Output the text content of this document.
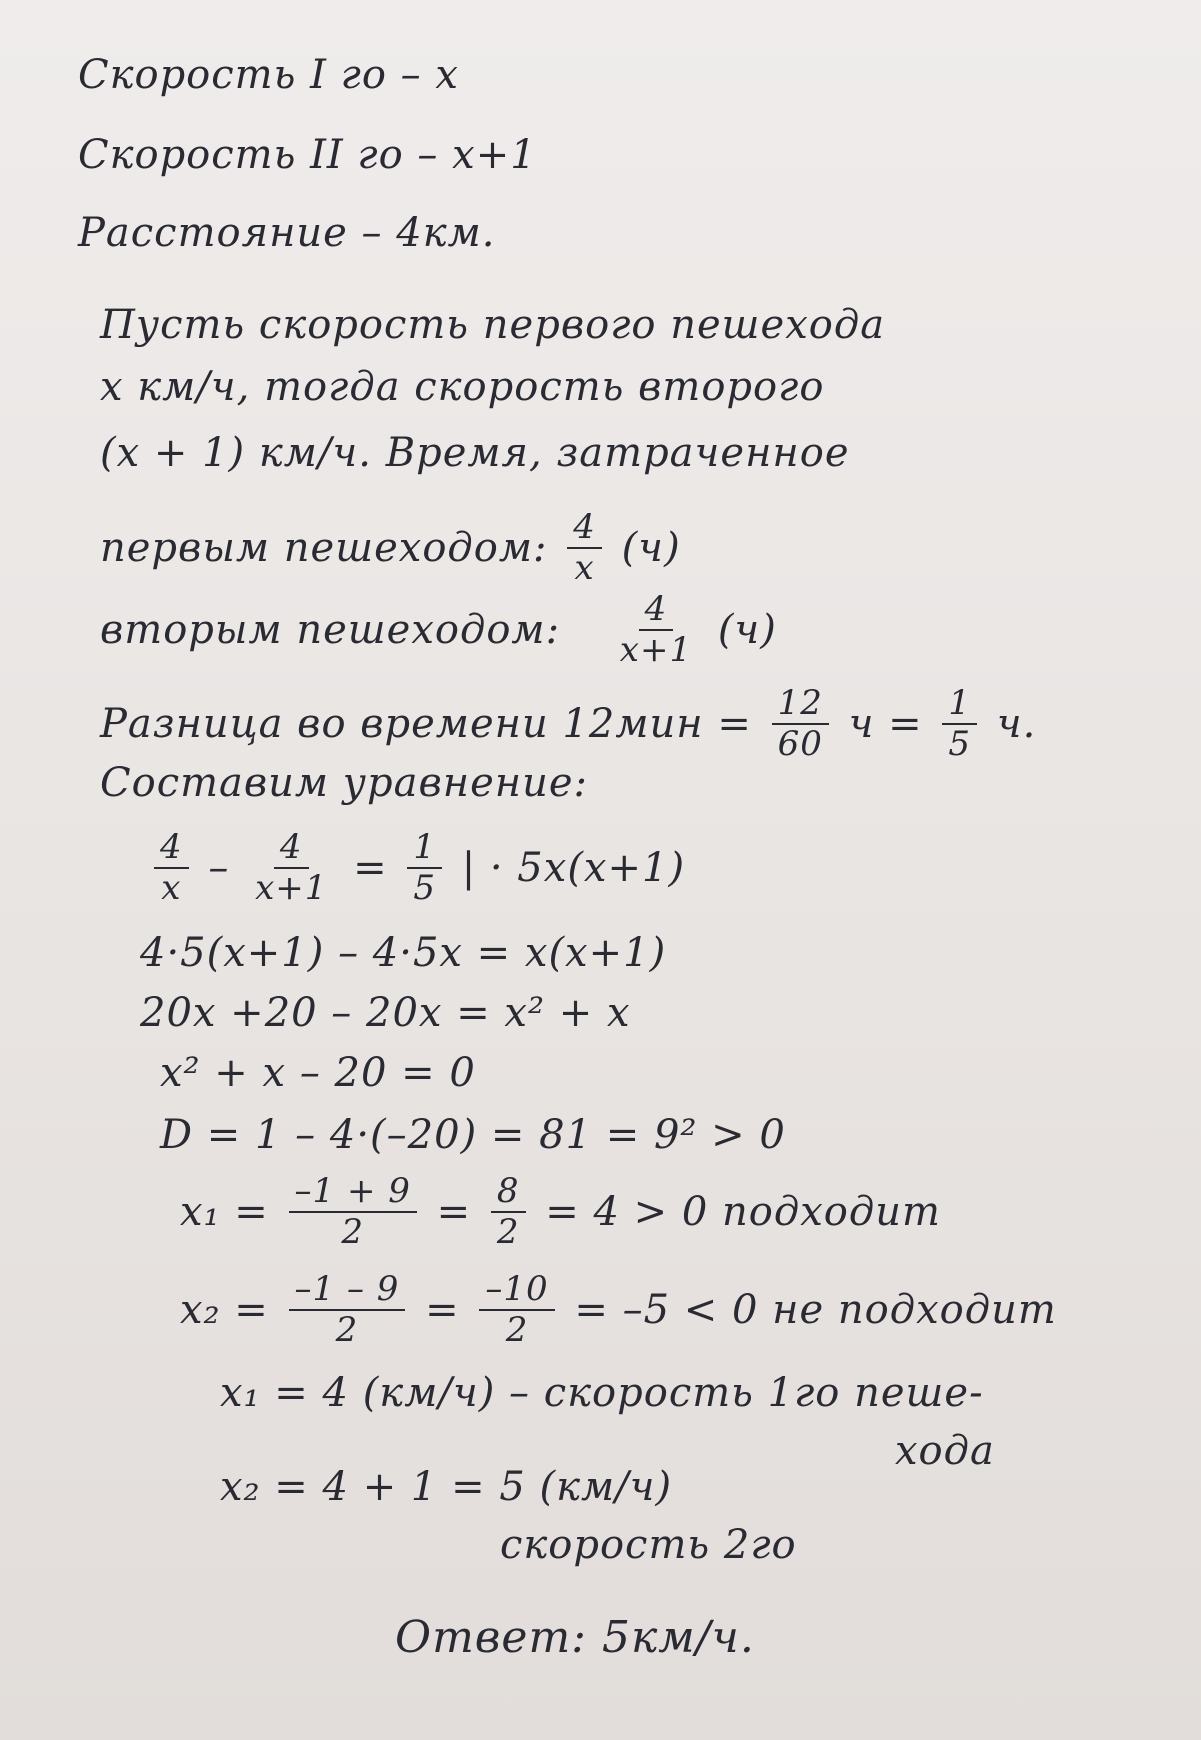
Скорость I го – x
Скорость II го – x+1
Расстояние – 4км.
Пусть скорость первого пешехода
x км/ч, тогда скорость второго
(x + 1) км/ч. Время, затраченное
первым пешеходом: $\frac{4}{x} (ч)$
вторым пешеходом: $\frac{4}{x+1} (ч)$
Разница во времени $12мин = \frac{12}{60}$ $ч = \frac{1}{5} ч$.
Составим уравнение:
$\frac{4}{x} - \frac{4}{x+1} = \frac{1}{5}$ | · 5x(x+1)
4·5(x+1) – 4·5x = x(x+1)
20x +20 – 20x = x² + x
x² + x – 20 = 0
D = 1 – 4·(–20) = 81 = 9² > 0
$x_1 = \frac{-1 + 9}{2} = \frac{8}{2} = 4 > 0$ подходит
$x_2 = \frac{-1 - 9}{2} = \frac{-10}{2} = -5 < 0$ не подходит
x₁ = 4 (км/ч) – скорость 1го пеше-
хода
x₂ = 4 + 1 = 5 (км/ч)
скорость 2го
Ответ: 5км/ч.
